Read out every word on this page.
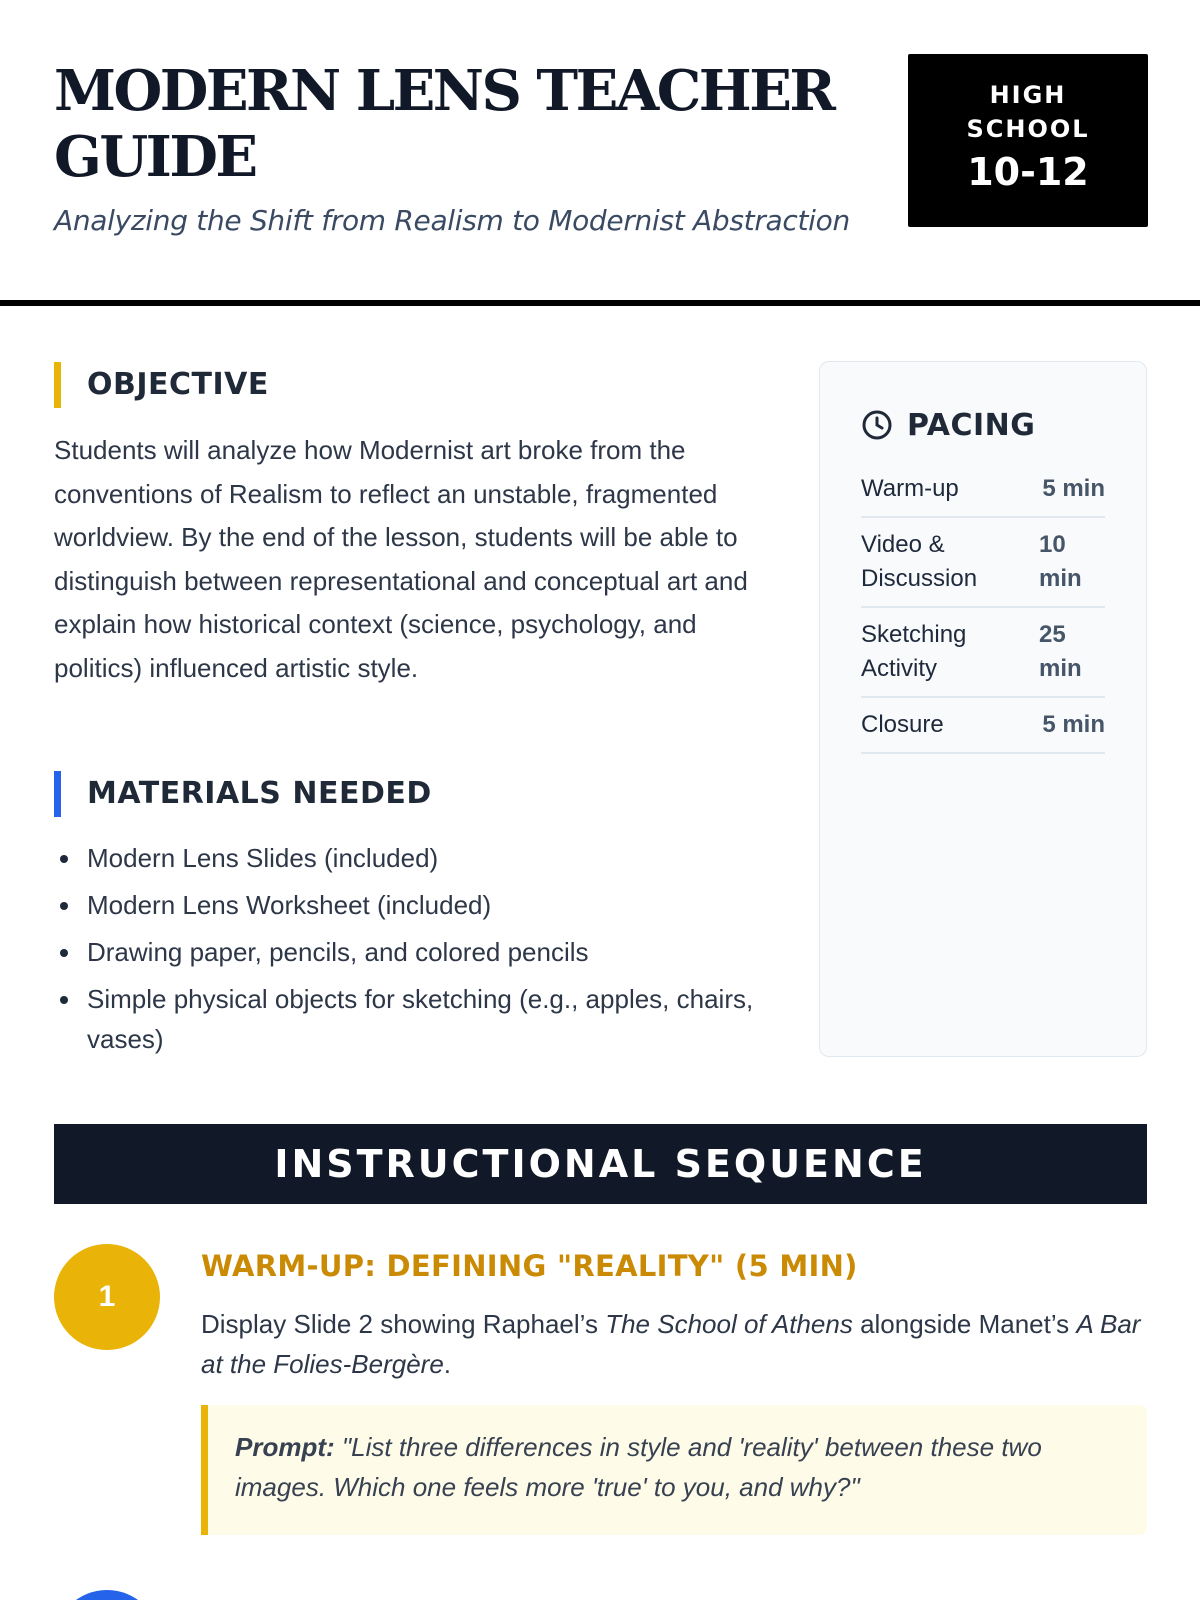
MODERN LENS TEACHER GUIDE
Analyzing the Shift from Realism to Modernist Abstraction
HIGH SCHOOL
10-12
OBJECTIVE

Students will analyze how Modernist art broke from the conventions of Realism to reflect an unstable, fragmented worldview. By the end of the lesson, students will be able to distinguish between representational and conceptual art and explain how historical context (science, psychology, and politics) influenced artistic style.

MATERIALS NEEDED
Modern Lens Slides (included)
Modern Lens Worksheet (included)
Drawing paper, pencils, and colored pencils
Simple physical objects for sketching (e.g., apples, chairs, vases)
PACING
Warm-up	5 min
Video & Discussion
10 min
Sketching Activity
25 min
Closure	5 min
INSTRUCTIONAL SEQUENCE
1
WARM-UP: DEFINING "REALITY" (5 MIN)

Display Slide 2 showing Raphael’s The School of Athens alongside Manet’s A Bar at the Folies-Bergère.

Prompt: "List three differences in style and 'reality' between these two images. Which one feels more 'true' to you, and why?"
